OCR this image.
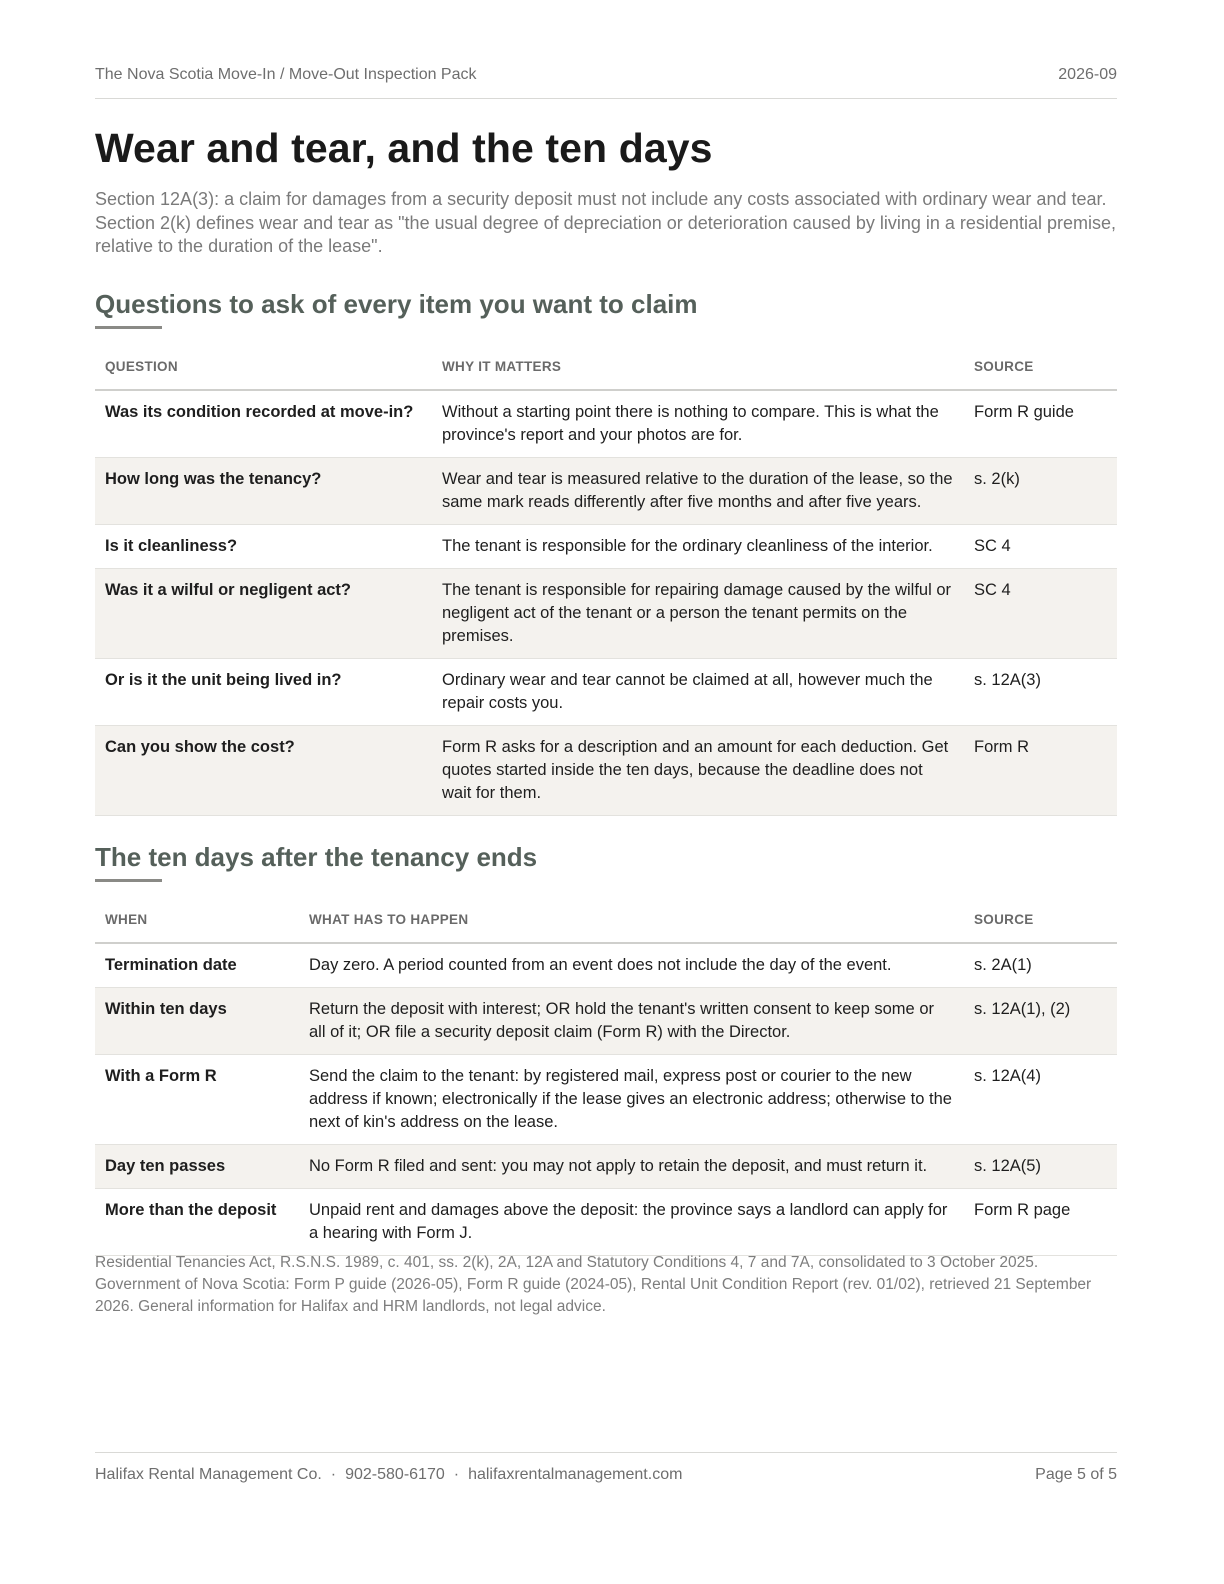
The Nova Scotia Move-In / Move-Out Inspection Pack	2026-09
Wear and tear, and the ten days

Section 12A(3): a claim for damages from a security deposit must not include any costs associated with ordinary wear and tear. Section 2(k) defines wear and tear as "the usual degree of depreciation or deterioration caused by living in a residential premise, relative to the duration of the lease".

Questions to ask of every item you want to claim
QUESTION	WHY IT MATTERS	SOURCE
Was its condition recorded at move-in?	Without a starting point there is nothing to compare. This is what the province's report and your photos are for.	Form R guide
How long was the tenancy?	Wear and tear is measured relative to the duration of the lease, so the same mark reads differently after five months and after five years.	s. 2(k)
Is it cleanliness?	The tenant is responsible for the ordinary cleanliness of the interior.	SC 4
Was it a wilful or negligent act?	The tenant is responsible for repairing damage caused by the wilful or negligent act of the tenant or a person the tenant permits on the premises.	SC 4
Or is it the unit being lived in?	Ordinary wear and tear cannot be claimed at all, however much the repair costs you.	s. 12A(3)
Can you show the cost?	Form R asks for a description and an amount for each deduction. Get quotes started inside the ten days, because the deadline does not wait for them.	Form R
The ten days after the tenancy ends
WHEN	WHAT HAS TO HAPPEN	SOURCE
Termination date	Day zero. A period counted from an event does not include the day of the event.	s. 2A(1)
Within ten days	Return the deposit with interest; OR hold the tenant's written consent to keep some or all of it; OR file a security deposit claim (Form R) with the Director.	s. 12A(1), (2)
With a Form R	Send the claim to the tenant: by registered mail, express post or courier to the new address if known; electronically if the lease gives an electronic address; otherwise to the next of kin's address on the lease.	s. 12A(4)
Day ten passes	No Form R filed and sent: you may not apply to retain the deposit, and must return it.	s. 12A(5)
More than the deposit	Unpaid rent and damages above the deposit: the province says a landlord can apply for a hearing with Form J.	Form R page

Residential Tenancies Act, R.S.N.S. 1989, c. 401, ss. 2(k), 2A, 12A and Statutory Conditions 4, 7 and 7A, consolidated to 3 October 2025. Government of Nova Scotia: Form P guide (2026-05), Form R guide (2024-05), Rental Unit Condition Report (rev. 01/02), retrieved 21 September 2026. General information for Halifax and HRM landlords, not legal advice.

Halifax Rental Management Co. · 902-580-6170 · halifaxrentalmanagement.com	Page 5 of 5
